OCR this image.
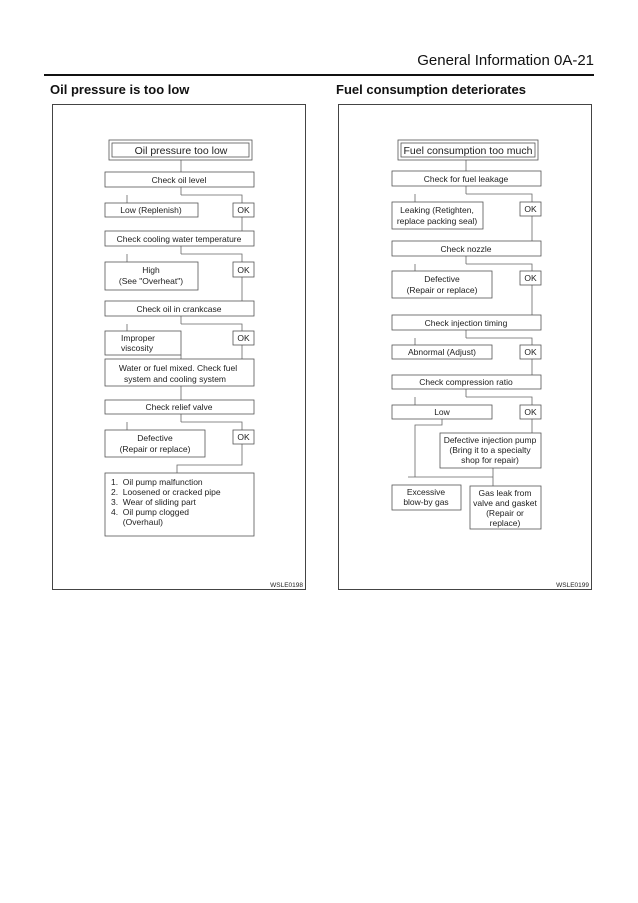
General Information 0A-21
Oil pressure is too low	Fuel consumption deteriorates
Oil pressure too low
Check oil level
Low (Replenish)	OK
Check cooling water temperature
High
(See "Overheat")
OK
Check oil in crankcase
Improper
viscosity
OK
Water or fuel mixed. Check fuel
system and cooling system
Check relief valve
Defective
(Repair or replace)
OK
1.  Oil pump malfunction
2.  Loosened or cracked pipe
3.  Wear of sliding part
4.  Oil pump clogged
(Overhaul)
WSLE0198
Fuel consumption too much
Check for fuel leakage
Leaking (Retighten,
replace packing seal)
OK
Check nozzle
Defective
(Repair or replace)
OK
Check injection timing
Abnormal (Adjust)	OK
Check compression ratio
Low	OK
Defective injection pump
(Bring it to a specialty
shop for repair)
Excessive
blow-by gas
Gas leak from
valve and gasket
(Repair or
replace)
WSLE0199
